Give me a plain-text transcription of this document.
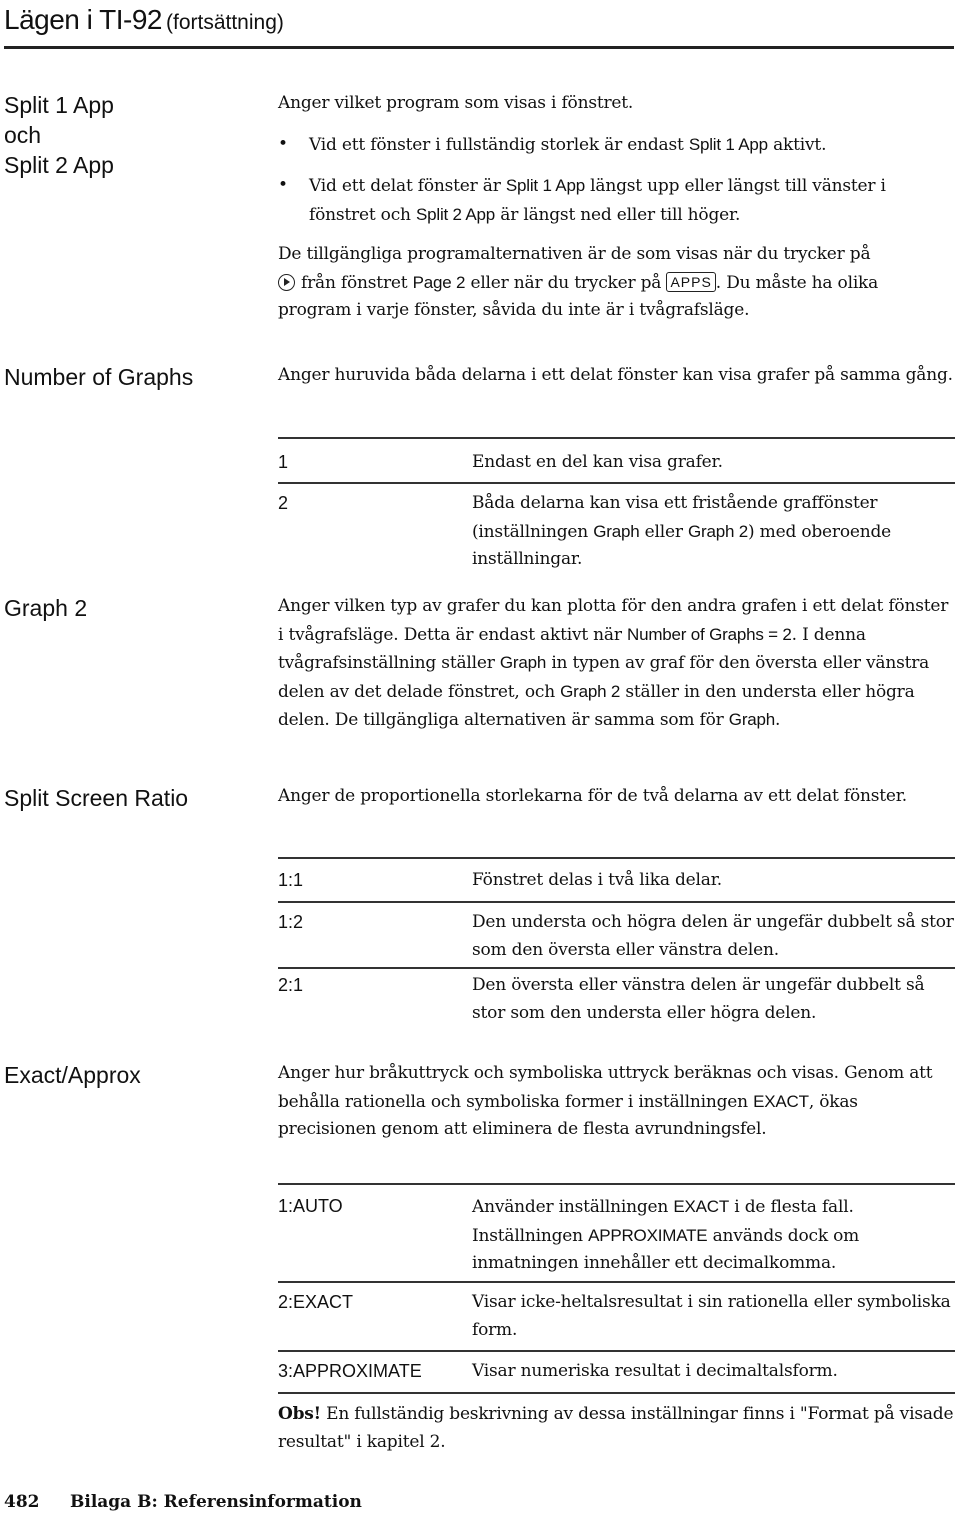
Lägen i TI‑92 (fortsättning)
Split 1 App
och
Split 2 App
Anger vilket program som visas i fönstret.
• Vid ett fönster i fullständig storlek är endast Split 1 App aktivt.
• Vid ett delat fönster är Split 1 App längst upp eller längst till vänster i fönstret och Split 2 App är längst ned eller till höger.
De tillgängliga programalternativen är de som visas när du trycker på
från fönstret Page 2 eller när du trycker på APPS . Du måste ha olika
program i varje fönster, såvida du inte är i tvågrafsläge.
Number of Graphs	Anger huruvida båda delarna i ett delat fönster kan visa grafer på samma gång.
1	Endast en del kan visa grafer.
2	Båda delarna kan visa ett fristående graffönster (inställningen Graph eller Graph 2) med oberoende inställningar.
Graph 2	Anger vilken typ av grafer du kan plotta för den andra grafen i ett delat fönster i tvågrafsläge. Detta är endast aktivt när Number of Graphs = 2. I denna tvågrafsinställning ställer Graph in typen av graf för den översta eller vänstra delen av det delade fönstret, och Graph 2 ställer in den understa eller högra delen. De tillgängliga alternativen är samma som för Graph.
Split Screen Ratio	Anger de proportionella storlekarna för de två delarna av ett delat fönster.
1:1	Fönstret delas i två lika delar.
1:2	Den understa och högra delen är ungefär dubbelt så stor som den översta eller vänstra delen.
2:1	Den översta eller vänstra delen är ungefär dubbelt så stor som den understa eller högra delen.
Exact/Approx	Anger hur bråkuttryck och symboliska uttryck beräknas och visas. Genom att behålla rationella och symboliska former i inställningen EXACT, ökas precisionen genom att eliminera de flesta avrundningsfel.
1:AUTO	Använder inställningen EXACT i de flesta fall. Inställningen APPROXIMATE används dock om inmatningen innehåller ett decimalkomma.
2:EXACT	Visar icke-heltalsresultat i sin rationella eller symboliska form.
3:APPROXIMATE	Visar numeriska resultat i decimaltalsform.
Obs! En fullständig beskrivning av dessa inställningar finns i "Format på visade resultat" i kapitel 2.
482 Bilaga B: Referensinformation
